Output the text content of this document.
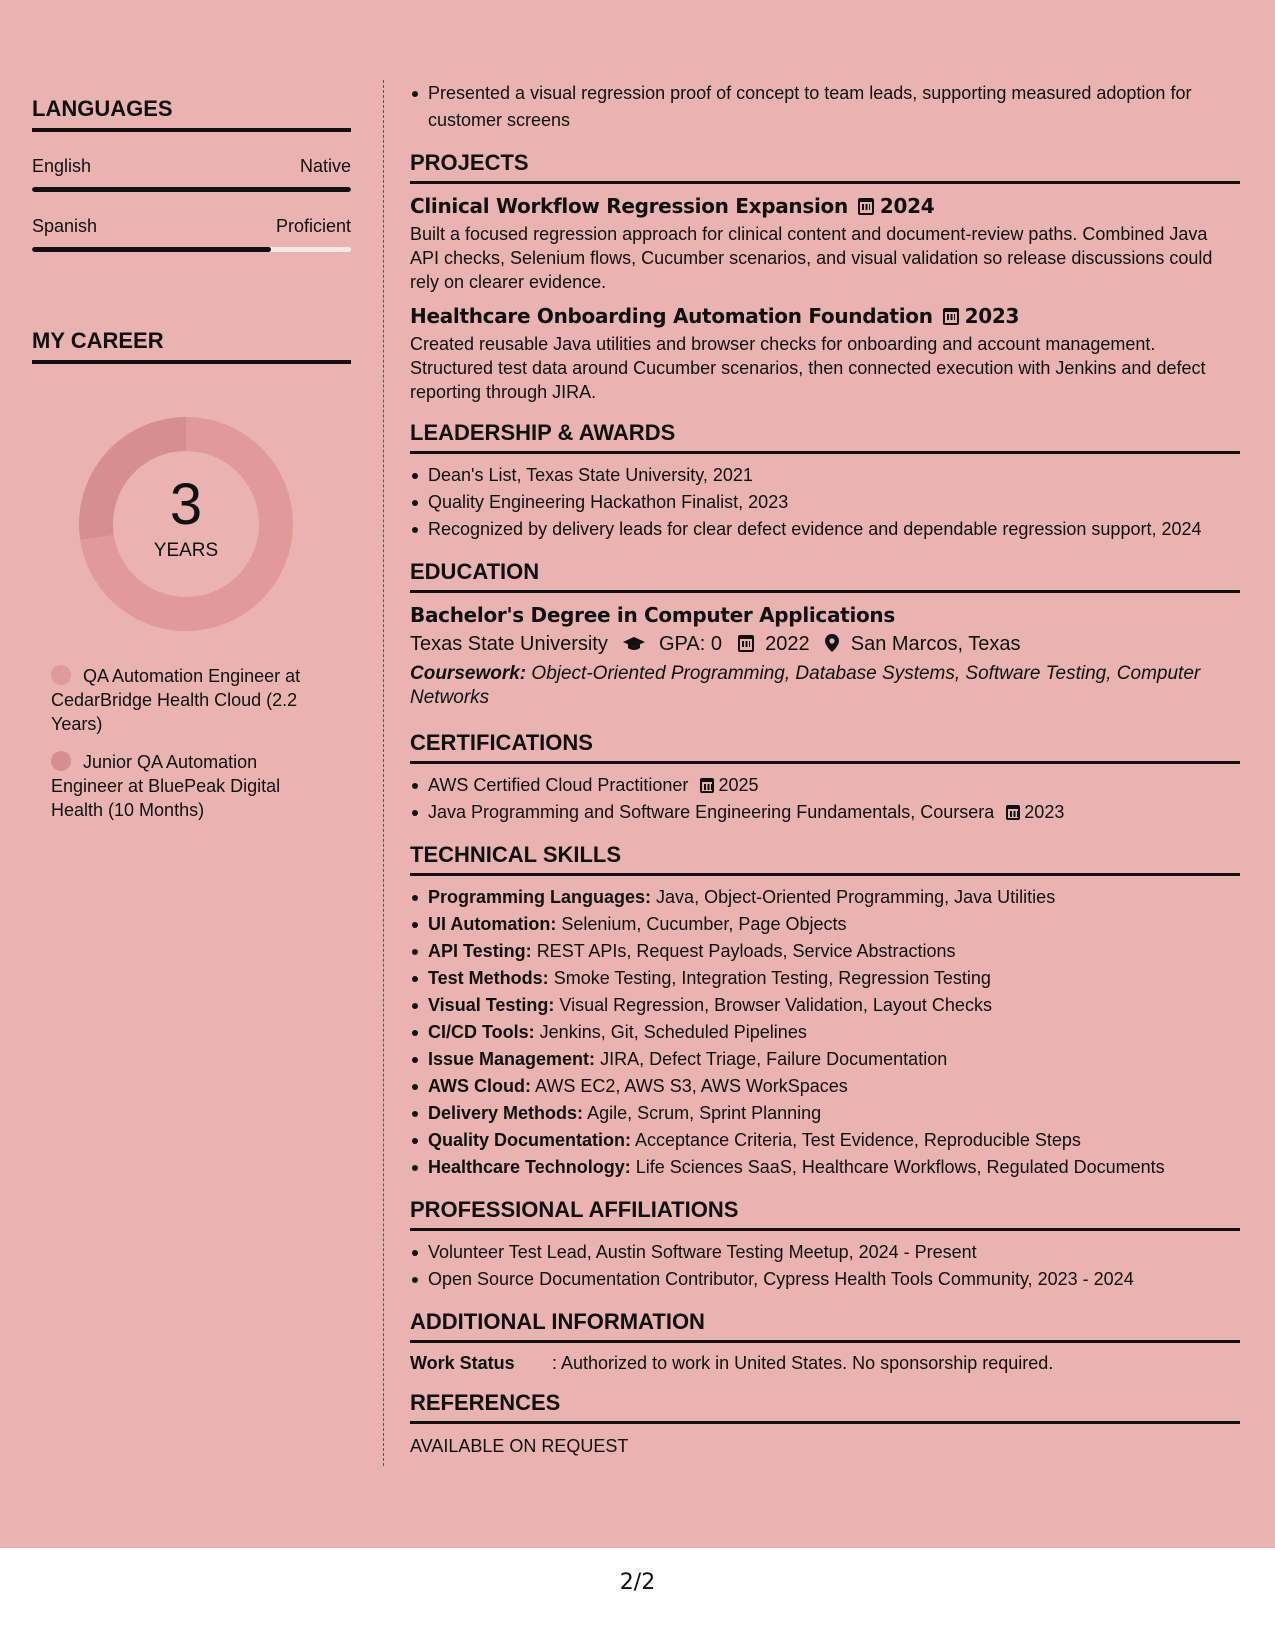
LANGUAGES
English	Native
Spanish	Proficient
MY CAREER
3
YEARS
QA Automation Engineer at CedarBridge Health Cloud (2.2 Years)
Junior QA Automation Engineer at BluePeak Digital Health (10 Months)
Presented a visual regression proof of concept to team leads, supporting measured adoption for customer screens
PROJECTS
Clinical Workflow Regression Expansion 2024
Built a focused regression approach for clinical content and document-review paths. Combined Java API checks, Selenium flows, Cucumber scenarios, and visual validation so release discussions could rely on clearer evidence.
Healthcare Onboarding Automation Foundation 2023
Created reusable Java utilities and browser checks for onboarding and account management. Structured test data around Cucumber scenarios, then connected execution with Jenkins and defect reporting through JIRA.
LEADERSHIP & AWARDS
Dean's List, Texas State University, 2021
Quality Engineering Hackathon Finalist, 2023
Recognized by delivery leads for clear defect evidence and dependable regression support, 2024
EDUCATION
Bachelor's Degree in Computer Applications
Texas State University	GPA: 0 2022 San Marcos, Texas
Coursework: Object-Oriented Programming, Database Systems, Software Testing, Computer Networks
CERTIFICATIONS
AWS Certified Cloud Practitioner 2025
Java Programming and Software Engineering Fundamentals, Coursera 2023
TECHNICAL SKILLS
Programming Languages: Java, Object-Oriented Programming, Java Utilities
UI Automation: Selenium, Cucumber, Page Objects
API Testing: REST APIs, Request Payloads, Service Abstractions
Test Methods: Smoke Testing, Integration Testing, Regression Testing
Visual Testing: Visual Regression, Browser Validation, Layout Checks
CI/CD Tools: Jenkins, Git, Scheduled Pipelines
Issue Management: JIRA, Defect Triage, Failure Documentation
AWS Cloud: AWS EC2, AWS S3, AWS WorkSpaces
Delivery Methods: Agile, Scrum, Sprint Planning
Quality Documentation: Acceptance Criteria, Test Evidence, Reproducible Steps
Healthcare Technology: Life Sciences SaaS, Healthcare Workflows, Regulated Documents
PROFESSIONAL AFFILIATIONS
Volunteer Test Lead, Austin Software Testing Meetup, 2024 - Present
Open Source Documentation Contributor, Cypress Health Tools Community, 2023 - 2024
ADDITIONAL INFORMATION
Work Status	: Authorized to work in United States. No sponsorship required.
REFERENCES
AVAILABLE ON REQUEST
2/2
